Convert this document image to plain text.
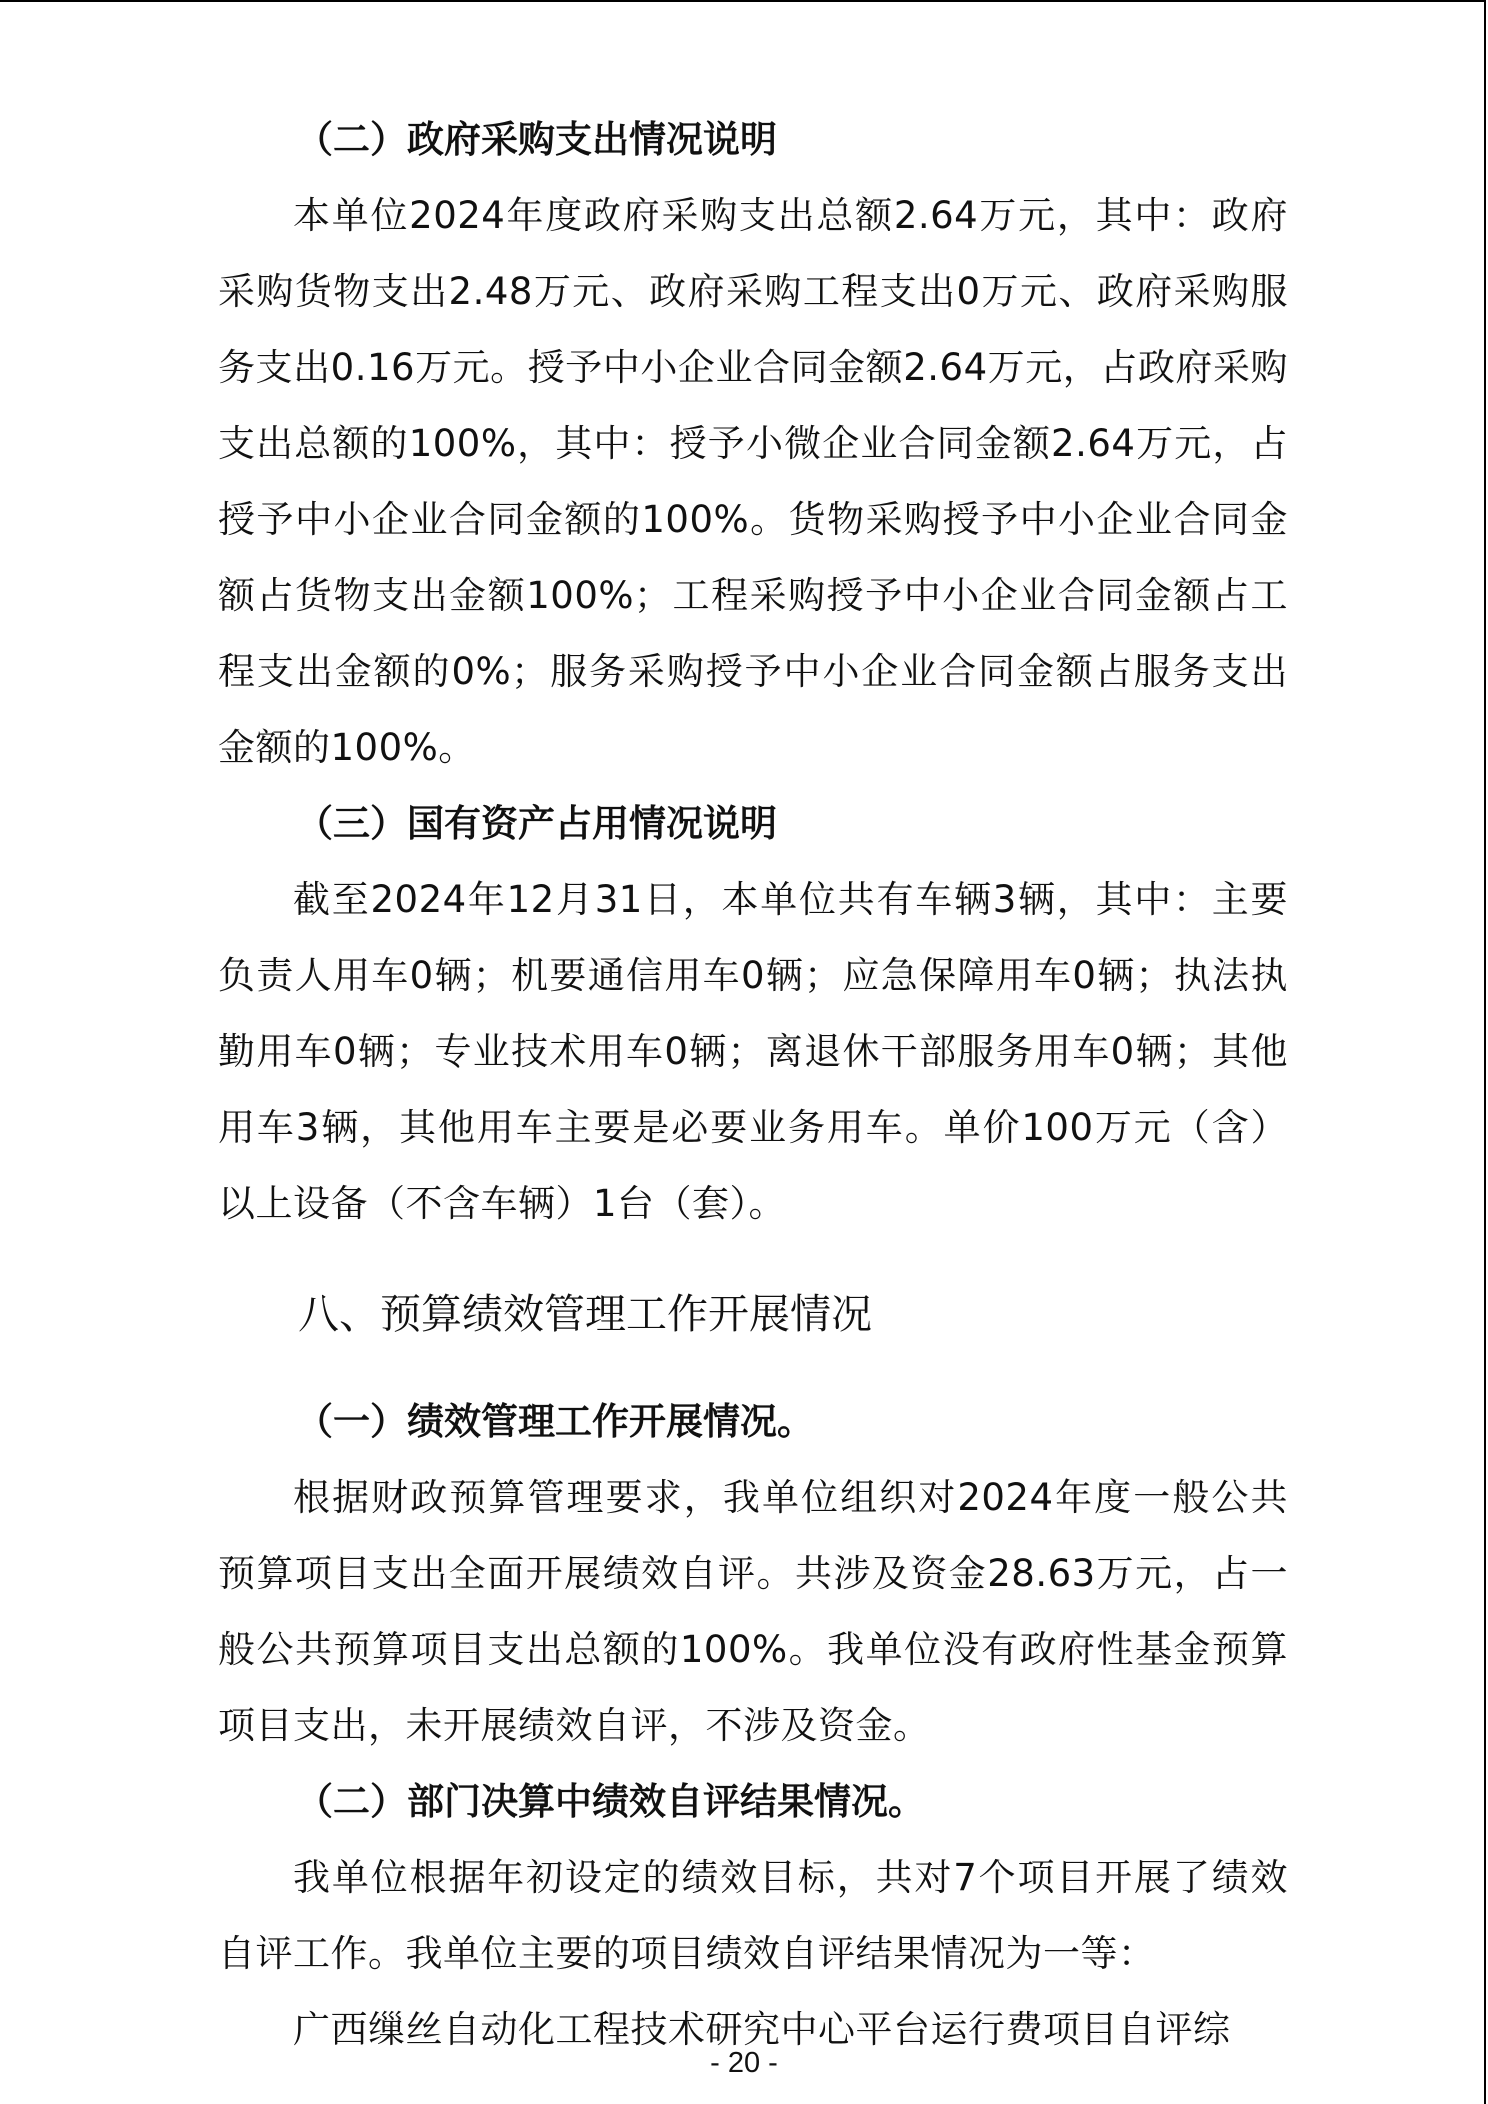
（二）政府采购支出情况说明

本单位2024年度政府采购支出总额2.64万元，其中：政府采购货物支出2.48万元、政府采购工程支出0万元、政府采购服务支出0.16万元。授予中小企业合同金额2.64万元，占政府采购支出总额的100%，其中：授予小微企业合同金额2.64万元，占授予中小企业合同金额的100%。货物采购授予中小企业合同金额占货物支出金额100%；工程采购授予中小企业合同金额占工程支出金额的0%；服务采购授予中小企业合同金额占服务支出金额的100%。

（三）国有资产占用情况说明

截至2024年12月31日，本单位共有车辆3辆，其中：主要负责人用车0辆；机要通信用车0辆；应急保障用车0辆；执法执勤用车0辆；专业技术用车0辆；离退休干部服务用车0辆；其他用车3辆，其他用车主要是必要业务用车。单价100万元（含）以上设备（不含车辆）1台（套）。

八、预算绩效管理工作开展情况
（一）绩效管理工作开展情况。

根据财政预算管理要求，我单位组织对2024年度一般公共预算项目支出全面开展绩效自评。共涉及资金28.63万元，占一般公共预算项目支出总额的100%。我单位没有政府性基金预算项目支出，未开展绩效自评，不涉及资金。

（二）部门决算中绩效自评结果情况。

我单位根据年初设定的绩效目标，共对7个项目开展了绩效自评工作。我单位主要的项目绩效自评结果情况为一等：

广西缫丝自动化工程技术研究中心平台运行费项目自评综

- 20 -
